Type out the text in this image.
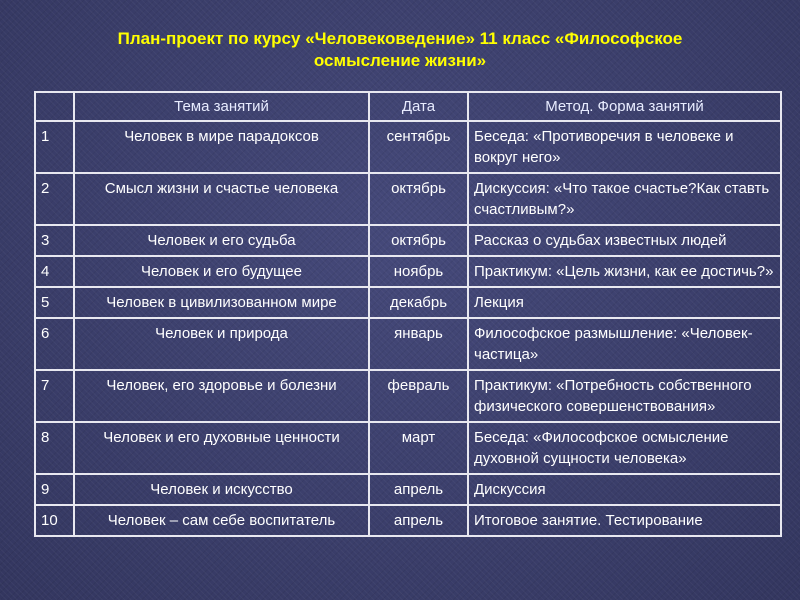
План-проект по курсу «Человековедение» 11 класс «Философское
осмысление жизни»
	Тема занятий	Дата	Метод. Форма занятий
1	Человек в мире парадоксов	сентябрь	Беседа: «Противоречия в человеке и вокруг него»
2	Смысл жизни и счастье человека	октябрь	Дискуссия: «Что такое счастье?Как ставть счастливым?»
3	Человек и его судьба	октябрь	Рассказ о судьбах известных людей
4	Человек и его будущее	ноябрь	Практикум: «Цель жизни, как ее достичь?»
5	Человек в цивилизованном мире	декабрь	Лекция
6	Человек и природа	январь	Философское размышление: «Человек-частица»
7	Человек, его здоровье и болезни	февраль	Практикум: «Потребность собственного физического совершенствования»
8	Человек и его духовные ценности	март	Беседа: «Философское осмысление духовной сущности человека»
9	Человек и искусство	апрель	Дискуссия
10	Человек – сам себе воспитатель	апрель	Итоговое занятие. Тестирование
